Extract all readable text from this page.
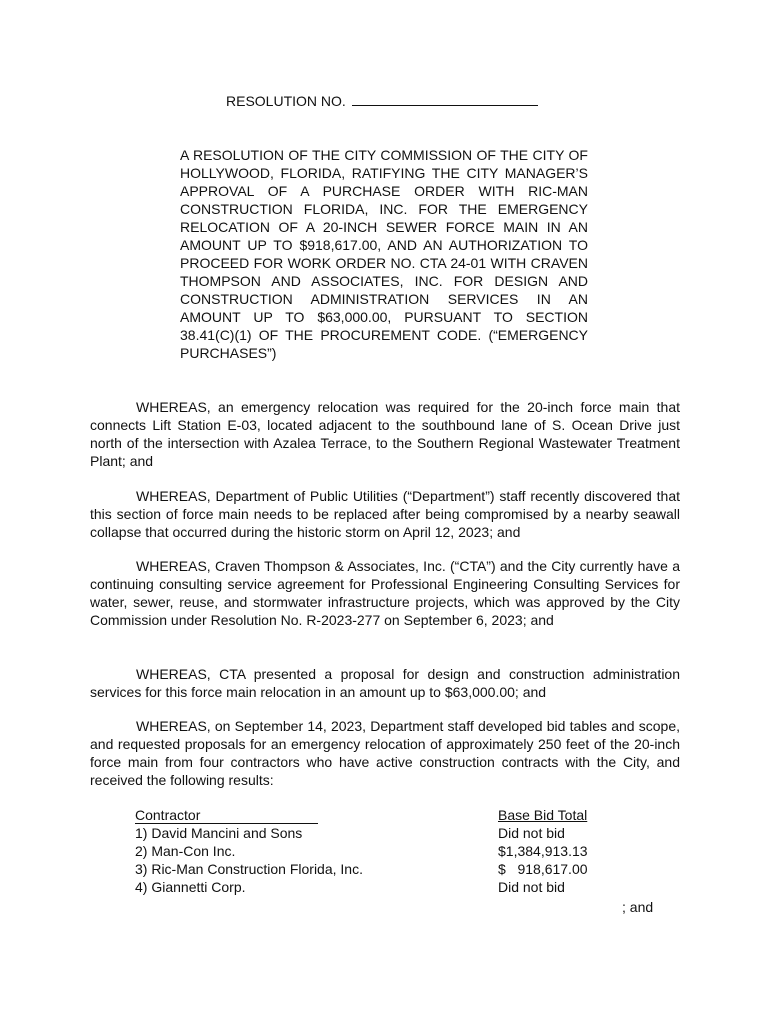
RESOLUTION NO.
A RESOLUTION OF THE CITY COMMISSION OF THE CITY OF HOLLYWOOD, FLORIDA, RATIFYING THE CITY MANAGER’S APPROVAL OF A PURCHASE ORDER WITH RIC-MAN CONSTRUCTION FLORIDA, INC. FOR THE EMERGENCY RELOCATION OF A 20-INCH SEWER FORCE MAIN IN AN AMOUNT UP TO $918,617.00, AND AN AUTHORIZATION TO PROCEED FOR WORK ORDER NO. CTA 24-01 WITH CRAVEN THOMPSON AND ASSOCIATES, INC. FOR DESIGN AND CONSTRUCTION ADMINISTRATION SERVICES IN AN AMOUNT UP TO $63,000.00, PURSUANT TO SECTION 38.41(C)(1) OF THE PROCUREMENT CODE. (“EMERGENCY PURCHASES”)

WHEREAS, an emergency relocation was required for the 20-inch force main that connects Lift Station E-03, located adjacent to the southbound lane of S. Ocean Drive just north of the intersection with Azalea Terrace, to the Southern Regional Wastewater Treatment Plant; and

WHEREAS, Department of Public Utilities (“Department”) staff recently discovered that this section of force main needs to be replaced after being compromised by a nearby seawall collapse that occurred during the historic storm on April 12, 2023; and

WHEREAS, Craven Thompson & Associates, Inc. (“CTA”) and the City currently have a continuing consulting service agreement for Professional Engineering Consulting Services for water, sewer, reuse, and stormwater infrastructure projects, which was approved by the City Commission under Resolution No. R-2023-277 on September 6, 2023; and

WHEREAS, CTA presented a proposal for design and construction administration services for this force main relocation in an amount up to $63,000.00; and

WHEREAS, on September 14, 2023, Department staff developed bid tables and scope, and requested proposals for an emergency relocation of approximately 250 feet of the 20-inch force main from four contractors who have active construction contracts with the City, and received the following results:

Contractor	Base Bid Total
1) David Mancini and Sons	Did not bid
2) Man-Con Inc.	$1,384,913.13
3) Ric-Man Construction Florida, Inc.	$   918,617.00
4) Giannetti Corp.	Did not bid
; and
